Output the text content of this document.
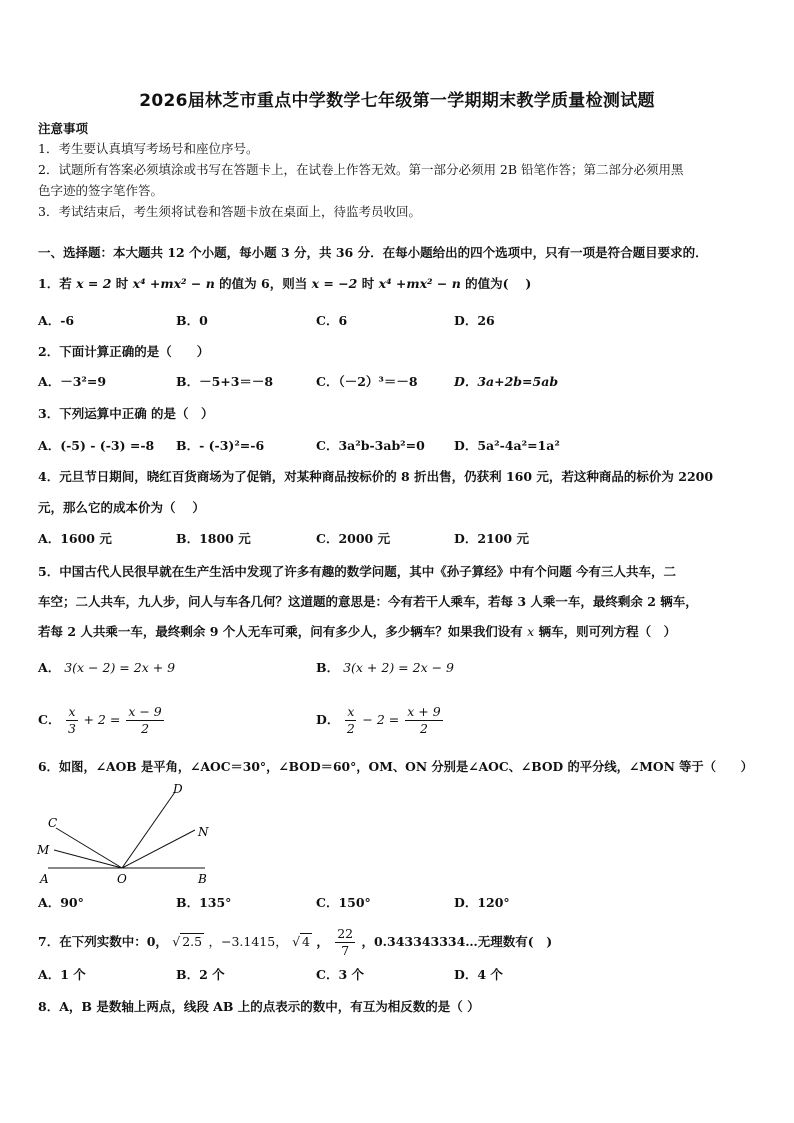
2026届林芝市重点中学数学七年级第一学期期末教学质量检测试题
注意事项
1．考生要认真填写考场号和座位序号。
2．试题所有答案必须填涂或书写在答题卡上，在试卷上作答无效。第一部分必须用 2B 铅笔作答；第二部分必须用黑
色字迹的签字笔作答。
3．考试结束后，考生须将试卷和答题卡放在桌面上，待监考员收回。
一、选择题：本大题共 12 个小题，每小题 3 分，共 36 分．在每小题给出的四个选项中，只有一项是符合题目要求的．
1．若 x = 2 时 x⁴ +mx² − n 的值为 6，则当 x = −2 时 x⁴ +mx² − n 的值为(　 )
A．-6	B．0	C．6	D．26
2．下面计算正确的是（　　）
A．－3²=9	B．－5+3＝－8	C．（－2）³＝－8	D．3a+2b=5ab
3．下列运算中正确 的是（　）
A．(-5) - (-3) =-8 B．- (-3)²=-6	C．3a²b-3ab²=0 D．5a²-4a²=1a²
4．元旦节日期间，晓红百货商场为了促销，对某种商品按标价的 8 折出售，仍获利 160 元，若这种商品的标价为 2200
元，那么它的成本价为（　 ）
A．1600 元	B．1800 元	C．2000 元	D．2100 元
5．中国古代人民很早就在生产生活中发现了许多有趣的数学问题，其中《孙子算经》中有个问题 今有三人共车，二
车空；二人共车，九人步，问人与车各几何？这道题的意思是：今有若干人乘车，若每 3 人乘一车，最终剩余 2 辆车，
若每 2 人共乘一车，最终剩余 9 个人无车可乘，问有多少人，多少辆车？如果我们设有 x 辆车，则可列方程（　）
A． 3(x − 2) = 2x + 9	B． 3(x + 2) = 2x − 9
C． $\frac{x}{3} + 2 = \frac{x - 9}{2}$	D． $\frac{x}{2} - 2 = \frac{x + 9}{2}$
6．如图，∠AOB 是平角，∠AOC＝30°，∠BOD＝60°，OM、ON 分别是∠AOC、∠BOD 的平分线，∠MON 等于（　　）
A	O	B
C
D
M
N
A．90°	B．135°	C．150°	D．120°
7．在下列实数中：0， √ 2.5 ，−3.1415， √ 4 ， $\frac{22}{7}$ ，0.343343334…无理数有(　)
A．1 个	B．2 个	C．3 个	D．4 个
8．A，B 是数轴上两点，线段 AB 上的点表示的数中，有互为相反数的是（ ）
